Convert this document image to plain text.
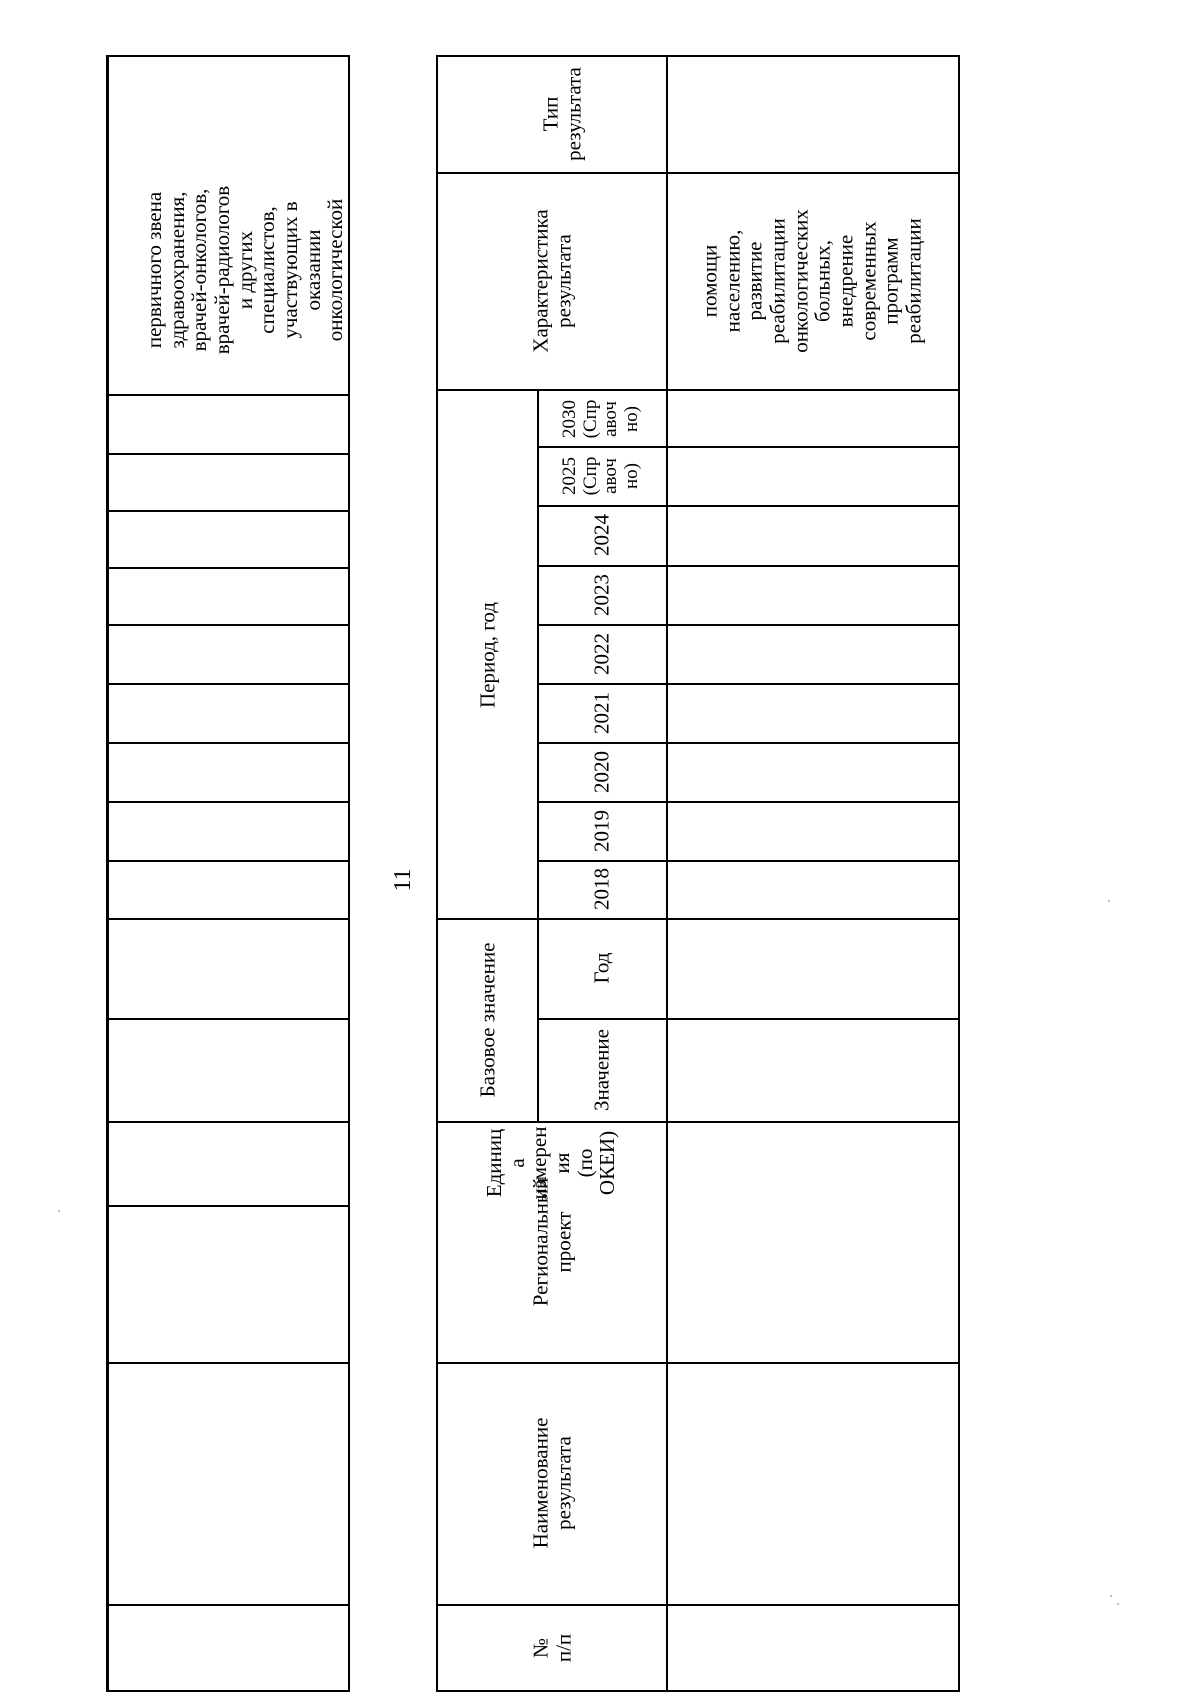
первичного звена
здравоохранения,
врачей-онкологов,
врачей-радиологов
и других
специалистов,
участвующих в
оказании
онкологической
11
Тип
результата
Характеристика
результата
Период, год
2030
(Спр
авоч
но)
2025
(Спр
авоч
но)
2024
2023
2022
2021
2020
2019
2018
Базовое значение	Год
Значение
Единиц
а
измерен
ия
(по
ОКЕИ)
Региональный
проект
Наименование
результата
№
п/п
помощи
населению,
развитие
реабилитации
онкологических
больных,
внедрение
современных
программ
реабилитации
